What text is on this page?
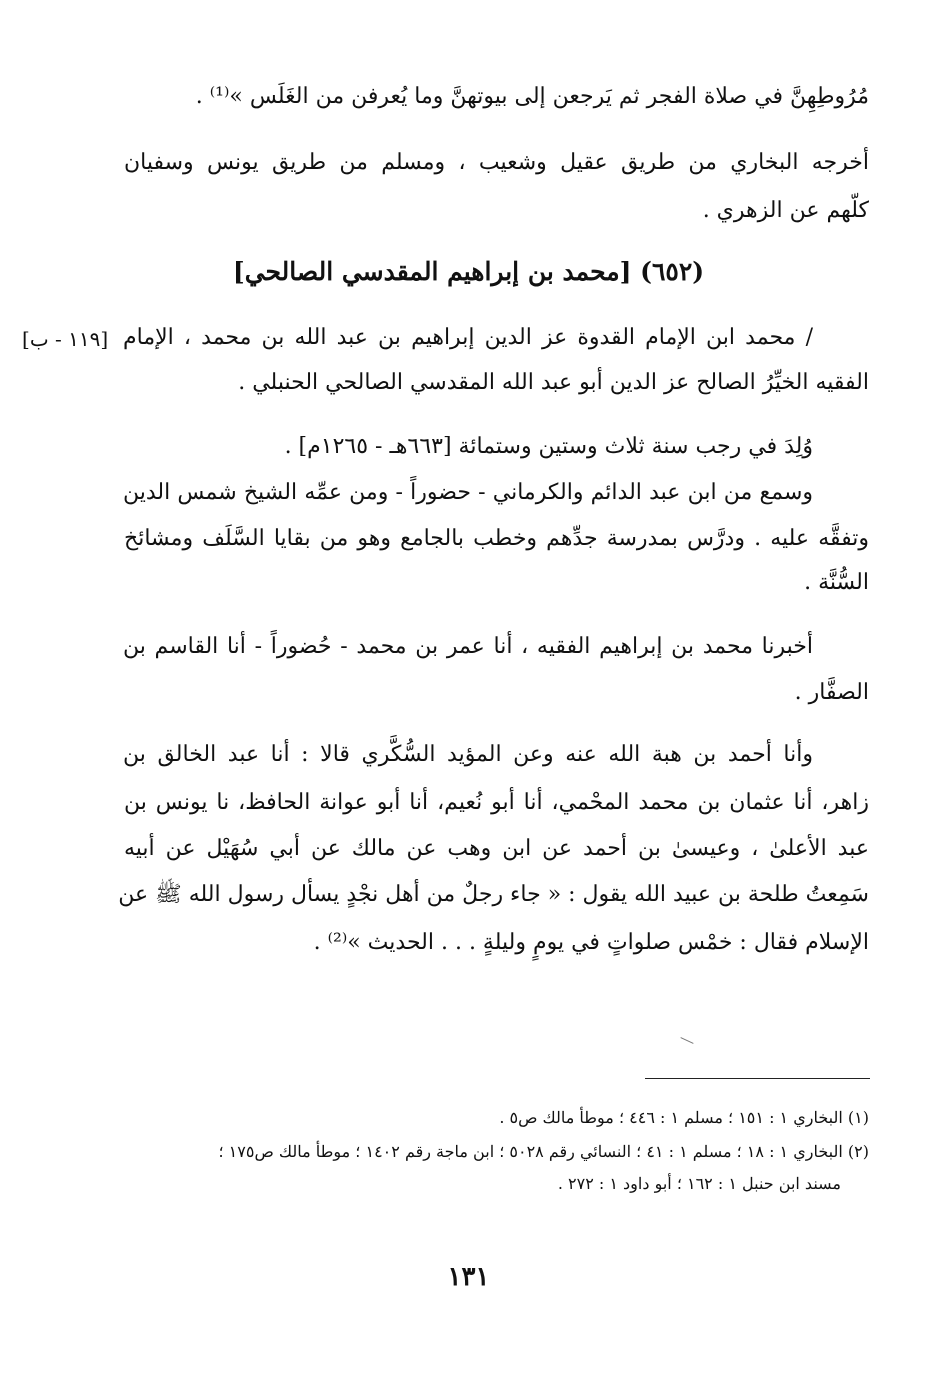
مُرُوطِهِنَّ في صلاة الفجر ثم يَرجعن إلى بيوتهنَّ وما يُعرفن من الغَلَس »⁽¹⁾ .
أخرجه البخاري من طريق عقيل وشعيب ، ومسلم من طريق يونس وسفيان
كلّهم عن الزهري .
(٦٥٢) [محمد بن إبراهيم المقدسي الصالحي]
/ محمد ابن الإمام القدوة عز الدين إبراهيم بن عبد الله بن محمد ، الإمام
[١١٩ - ب]
الفقيه الخيِّرُ الصالح عز الدين أبو عبد الله المقدسي الصالحي الحنبلي .
وُلِدَ في رجب سنة ثلاث وستين وستمائة [٦٦٣هـ - ١٢٦٥م] .
وسمع من ابن عبد الدائم والكرماني - حضوراً - ومن عمِّه الشيخ شمس الدين
وتفقَّه عليه . ودرَّس بمدرسة جدِّهم وخطب بالجامع وهو من بقايا السَّلَف ومشائخ
السُّنَّة .
أخبرنا محمد بن إبراهيم الفقيه ، أنا عمر بن محمد - حُضوراً - أنا القاسم بن
الصفَّار .
وأنا أحمد بن هبة الله عنه وعن المؤيد السُّكَّري قالا : أنا عبد الخالق بن
زاهر، أنا عثمان بن محمد المحْمي، أنا أبو نُعيم، أنا أبو عوانة الحافظ، نا يونس بن
عبد الأعلىٰ ، وعيسىٰ بن أحمد عن ابن وهب عن مالك عن أبي سُهَيْل عن أبيه
سَمِعتُ طلحة بن عبيد الله يقول : « جاء رجلٌ من أهل نجْدٍ يسأل رسول الله ﷺ عن
الإسلام فقال : خمْس صلواتٍ في يومٍ وليلةٍ . . . الحديث »⁽²⁾ .
(١) البخاري ١ : ١٥١ ؛ مسلم ١ : ٤٤٦ ؛ موطأ مالك ص٥ .
(٢) البخاري ١ : ١٨ ؛ مسلم ١ : ٤١ ؛ النسائي رقم ٥٠٢٨ ؛ ابن ماجة رقم ١٤٠٢ ؛ موطأ مالك ص١٧٥ ؛
مسند ابن حنبل ١ : ١٦٢ ؛ أبو داود ١ : ٢٧٢ .
١٣١
